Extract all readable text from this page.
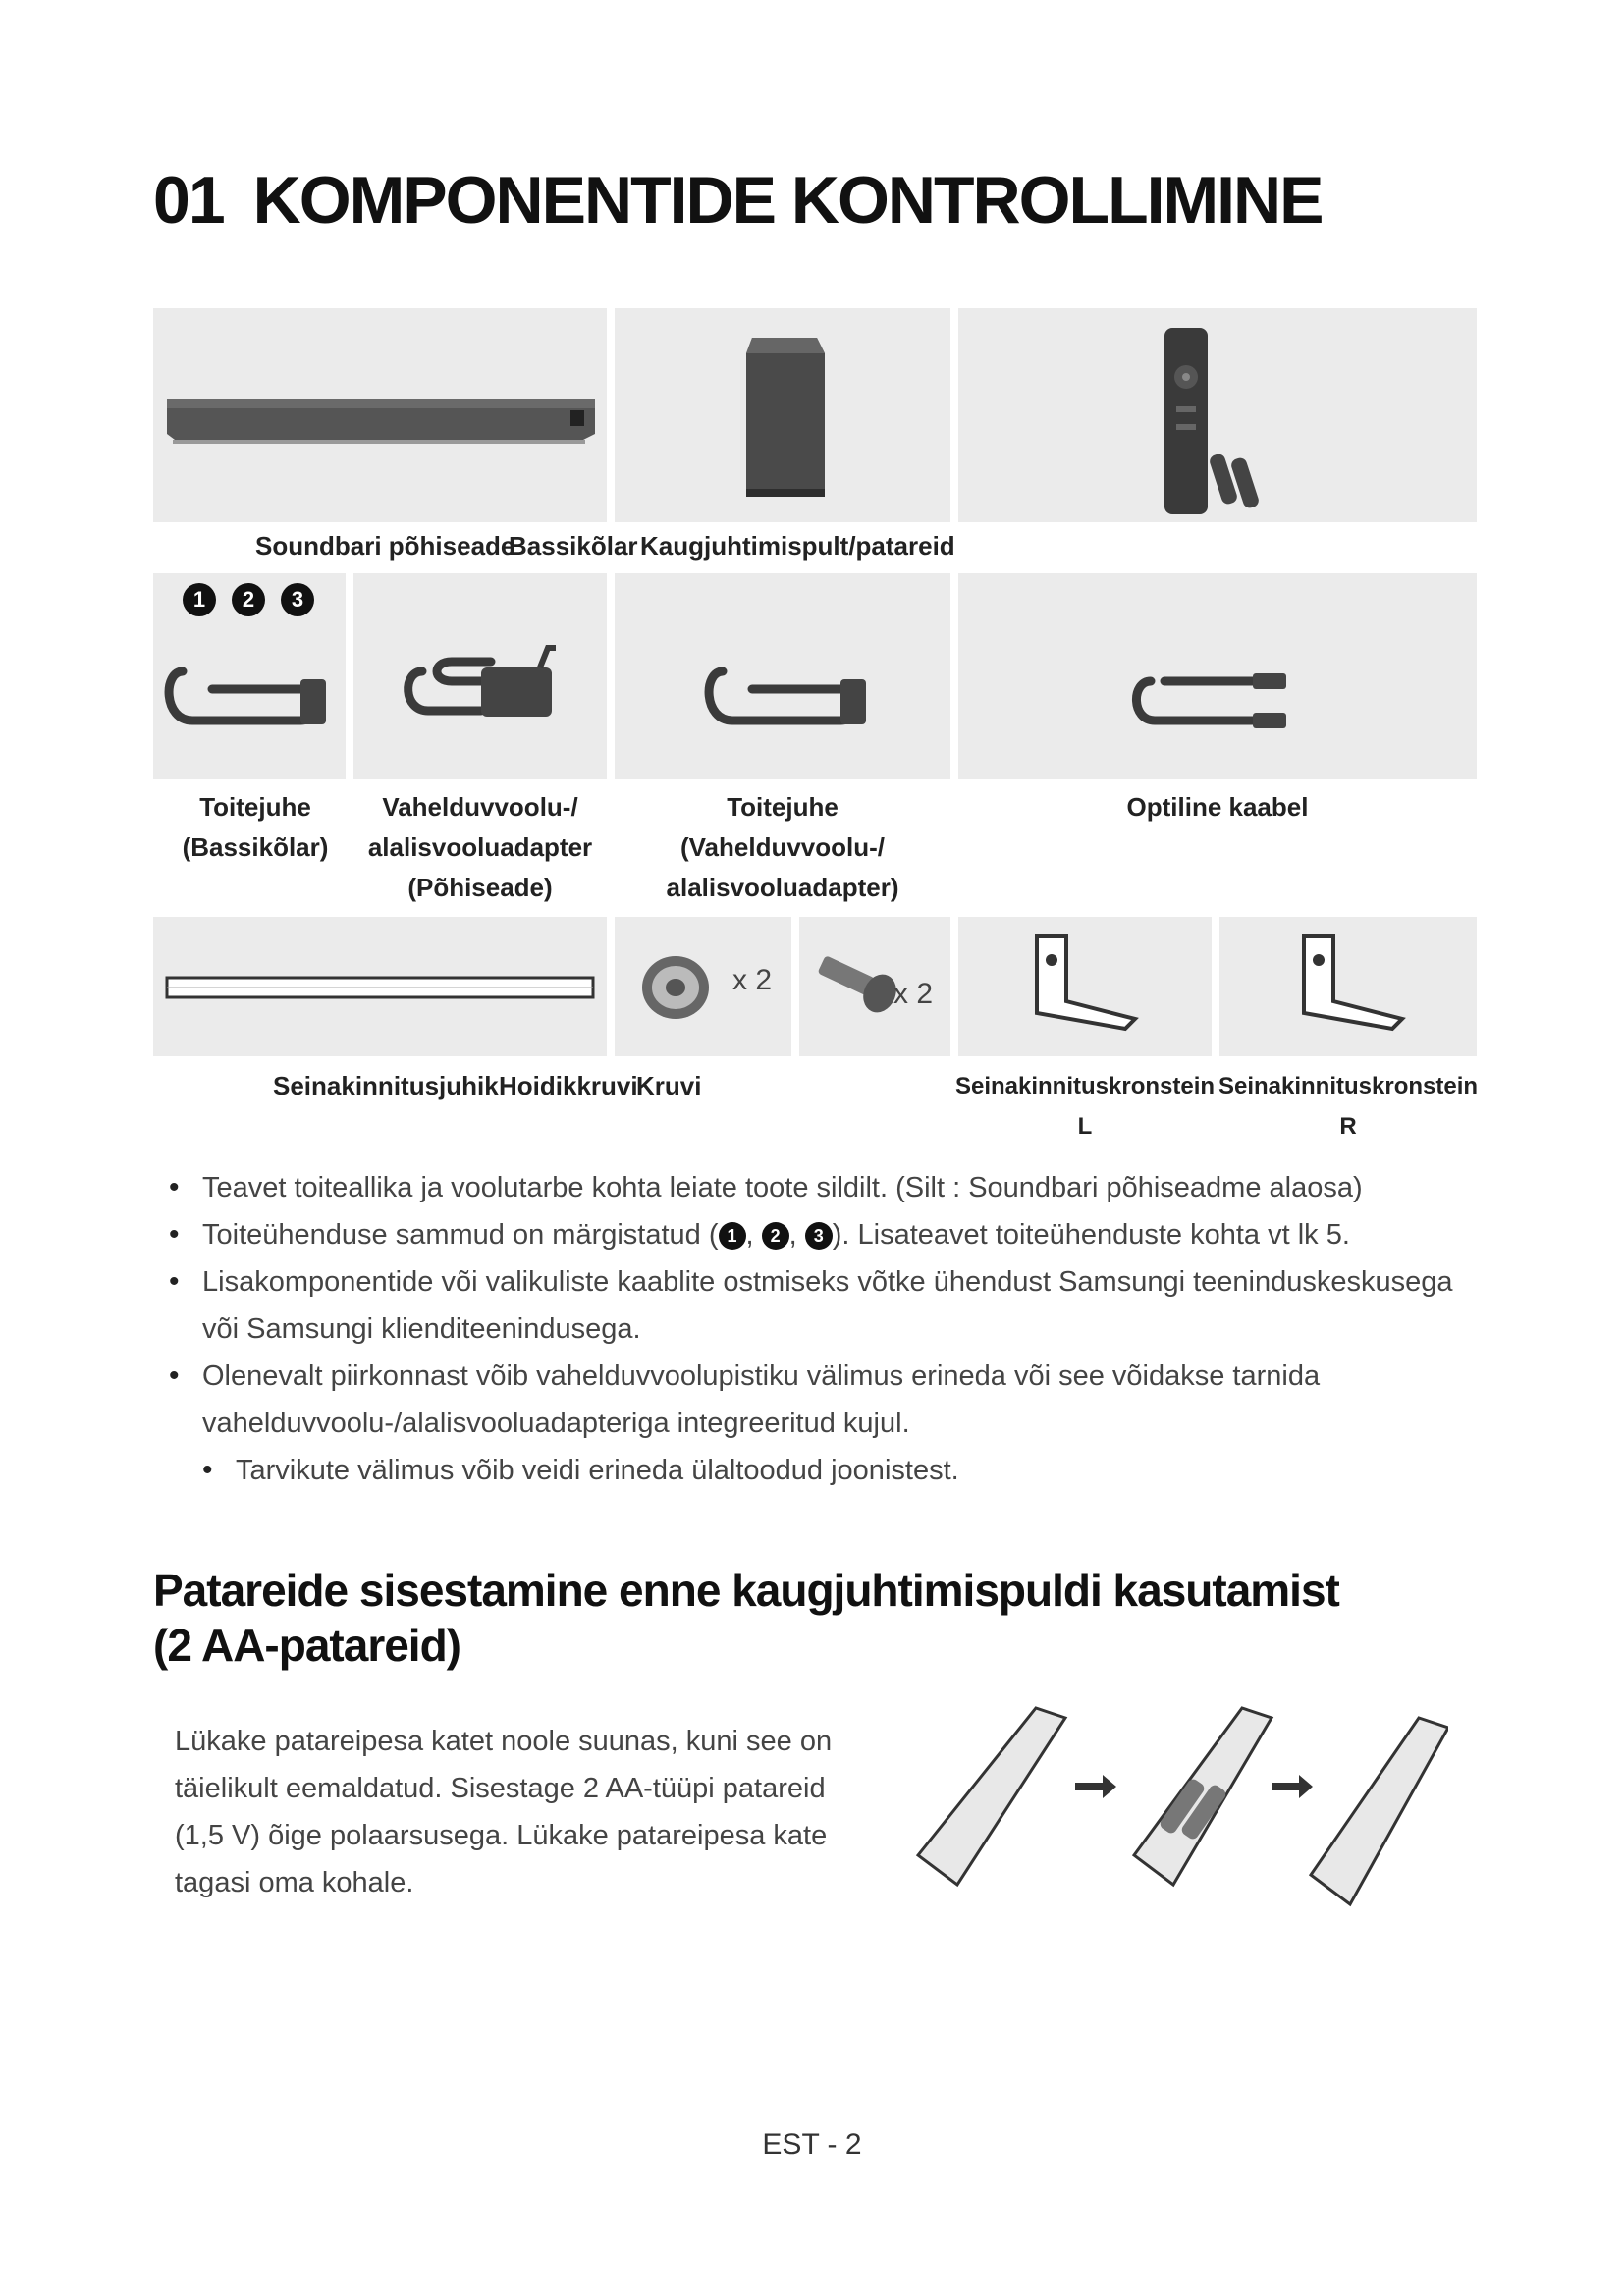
01 KOMPONENTIDE KONTROLLIMINE
Soundbari põhiseade
Bassikõlar Kaugjuhtimispult/patareid
1	2	3
Toitejuhe
(Bassikõlar)
Vahelduvvoolu-/
alalisvooluadapter
(Põhiseade)
Toitejuhe
(Vahelduvvoolu-/
alalisvooluadapter)
Optiline kaabel
x 2	x 2
Seinakinnitusjuhik Hoidikkruvi
Kruvi	Seinakinnituskronstein
L
Seinakinnituskronstein
R
• Teavet toiteallika ja voolutarbe kohta leiate toote sildilt. (Silt : Soundbari põhiseadme alaosa)
• Toiteühenduse sammud on märgistatud ( 1 , 2 , 3 ). Lisateavet toiteühenduste kohta vt lk 5.
• Lisakomponentide või valikuliste kaablite ostmiseks võtke ühendust Samsungi teeninduskeskusega või Samsungi klienditeenindusega.
• Olenevalt piirkonnast võib vahelduvvoolupistiku välimus erineda või see võidakse tarnida vahelduvvoolu-/alalisvooluadapteriga integreeritud kujul.
• Tarvikute välimus võib veidi erineda ülaltoodud joonistest.
Patareide sisestamine enne kaugjuhtimispuldi kasutamist
(2 AA-patareid)
Lükake patareipesa katet noole suunas, kuni see on täielikult eemaldatud. Sisestage 2 AA-tüüpi patareid (1,5 V) õige polaarsusega. Lükake patareipesa kate tagasi oma kohale.
EST - 2
